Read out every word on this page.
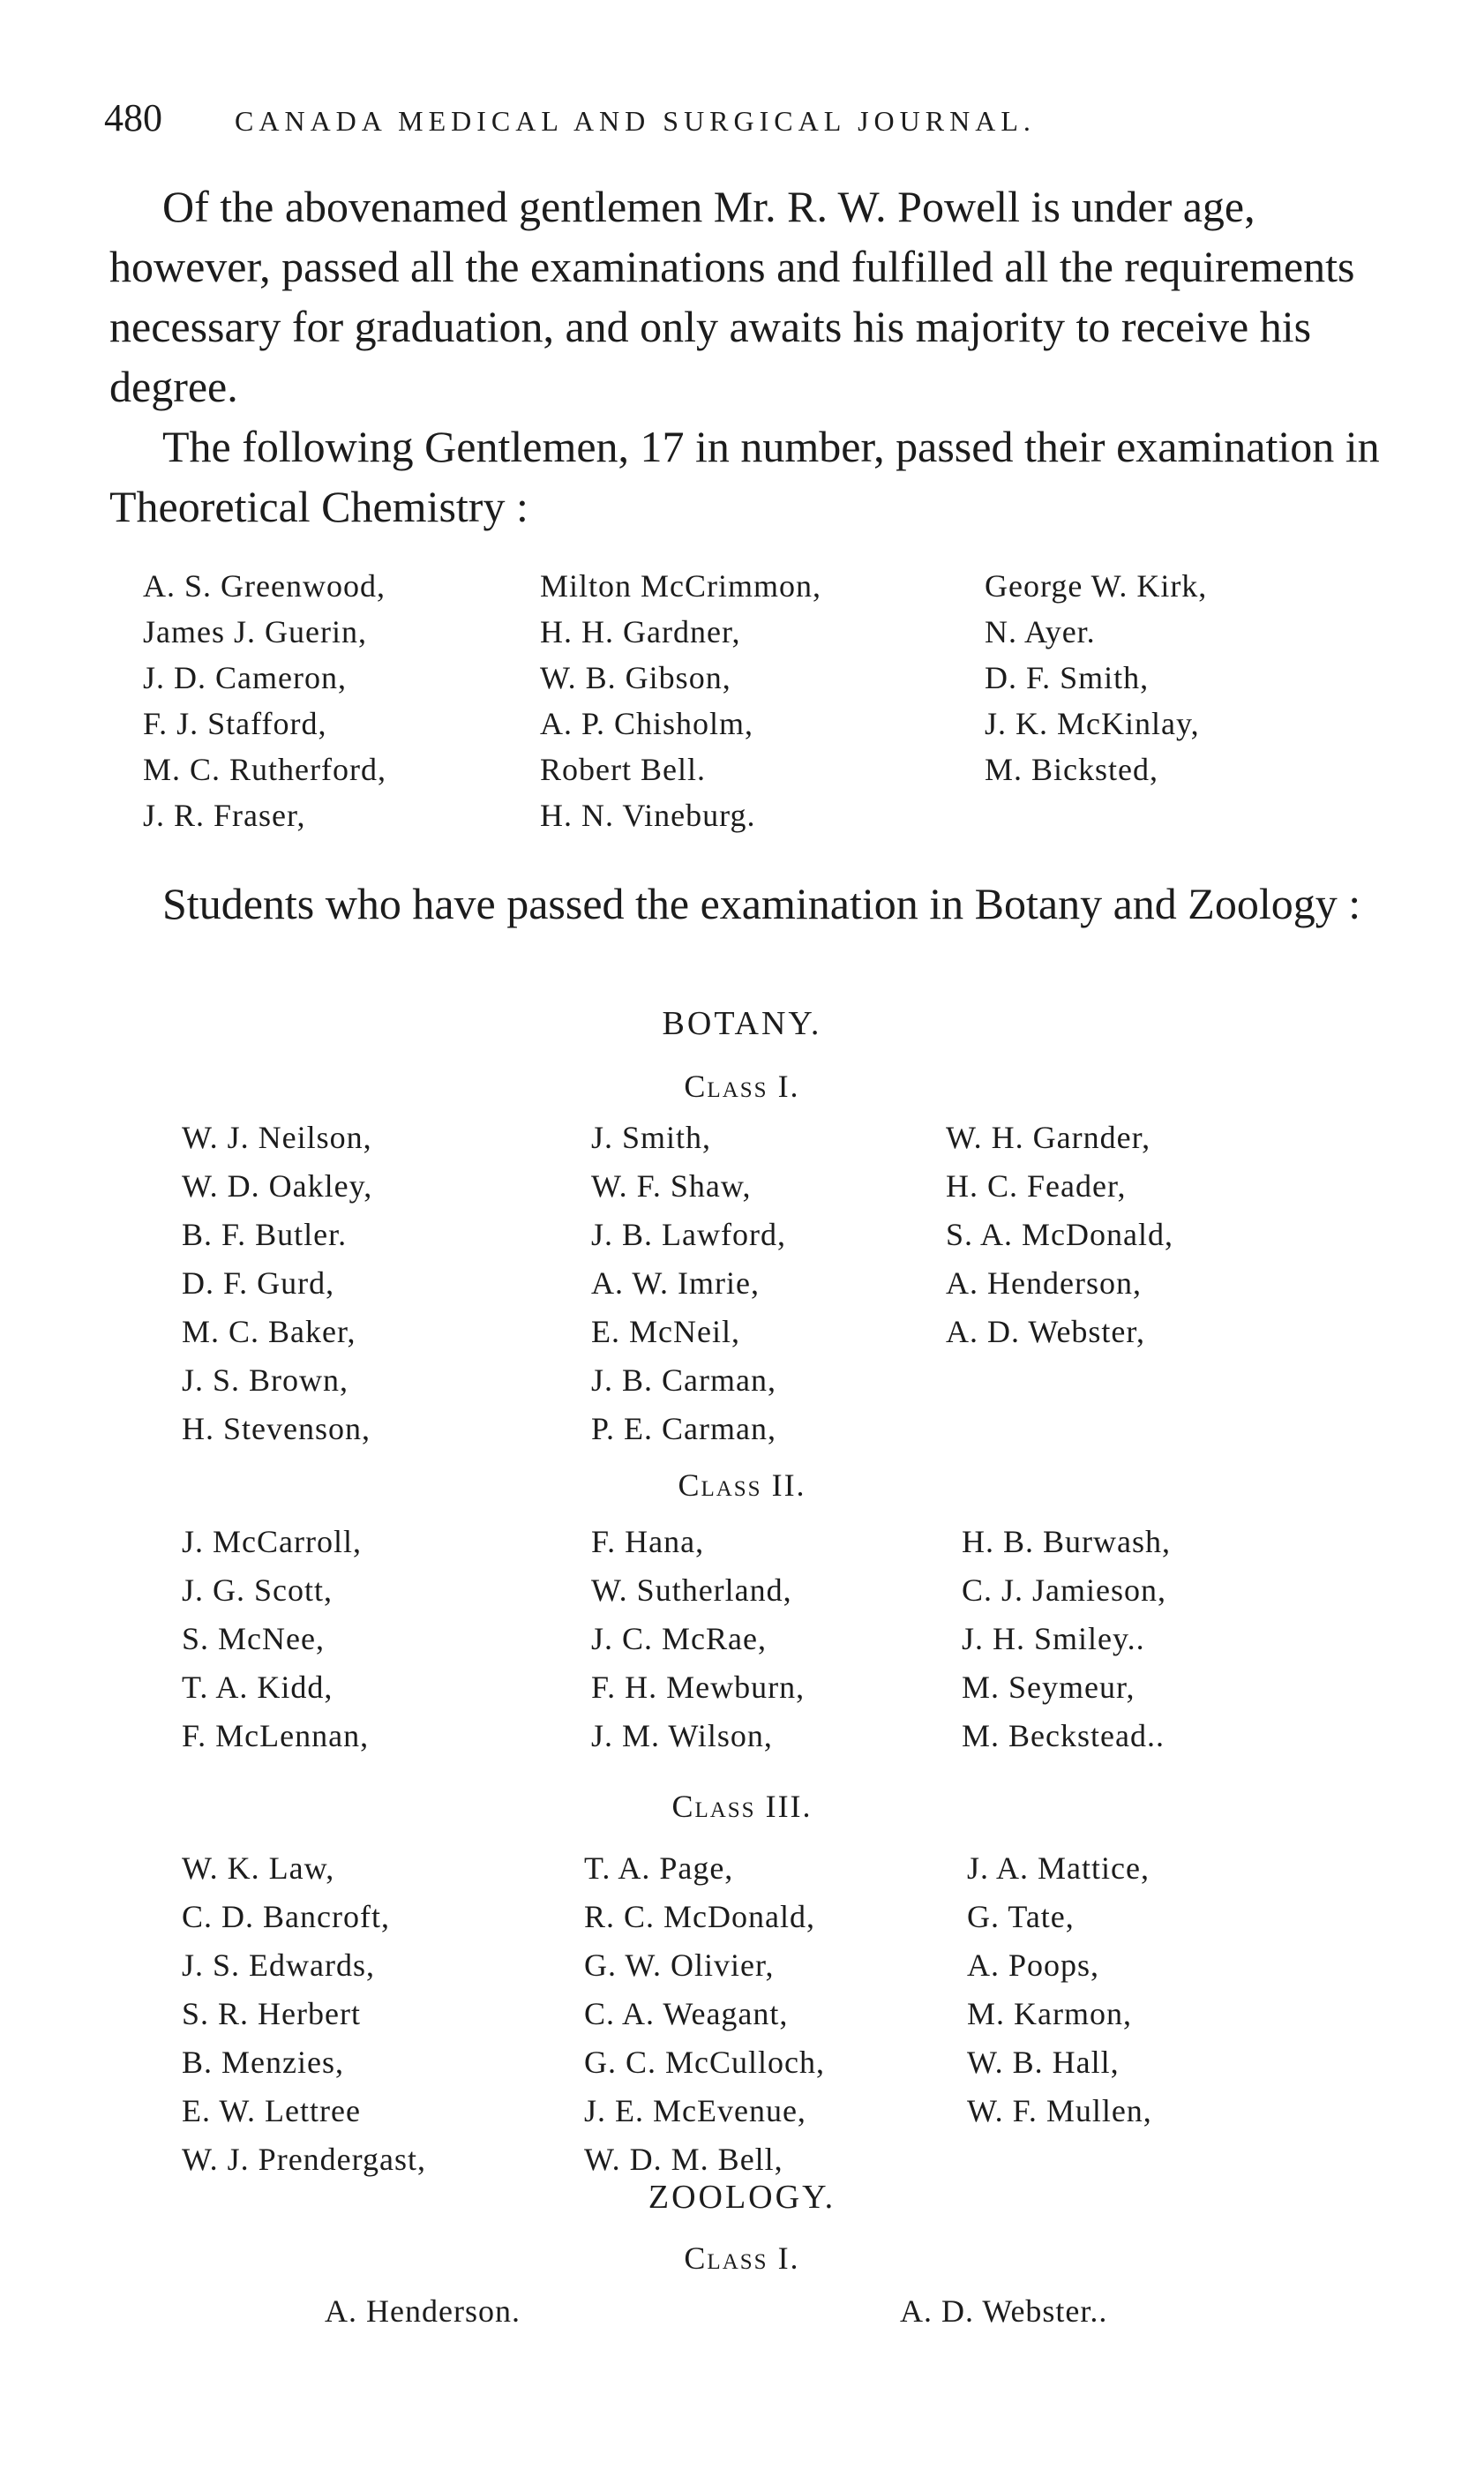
480	CANADA MEDICAL AND SURGICAL JOURNAL.

Of the abovenamed gentlemen Mr. R. W. Powell is under age, however, passed all the examinations and fulfilled all the requirements necessary for graduation, and only awaits his majority to receive his degree.

The following Gentlemen, 17 in number, passed their examination in Theoretical Chemistry :

A. S. Greenwood,
James J. Guerin,
J. D. Cameron,
F. J. Stafford,
M. C. Rutherford,
J. R. Fraser,
Milton McCrimmon,
H. H. Gardner,
W. B. Gibson,
A. P. Chisholm,
Robert Bell.
H. N. Vineburg.
George W. Kirk,
N. Ayer.
D. F. Smith,
J. K. McKinlay,
M. Bicksted,

Students who have passed the examination in Botany and Zoology :

BOTANY.
Class I.
W. J. Neilson,
W. D. Oakley,
B. F. Butler.
D. F. Gurd,
M. C. Baker,
J. S. Brown,
H. Stevenson,
J. Smith,
W. F. Shaw,
J. B. Lawford,
A. W. Imrie,
E. McNeil,
J. B. Carman,
P. E. Carman,
W. H. Garnder,
H. C. Feader,
S. A. McDonald,
A. Henderson,
A. D. Webster,
Class II.
J. McCarroll,
J. G. Scott,
S. McNee,
T. A. Kidd,
F. McLennan,
F. Hana,
W. Sutherland,
J. C. McRae,
F. H. Mewburn,
J. M. Wilson,
H. B. Burwash,
C. J. Jamieson,
J. H. Smiley..
M. Seymeur,
M. Beckstead..
Class III.
W. K. Law,
C. D. Bancroft,
J. S. Edwards,
S. R. Herbert
B. Menzies,
E. W. Lettree
W. J. Prendergast,
T. A. Page,
R. C. McDonald,
G. W. Olivier,
C. A. Weagant,
G. C. McCulloch,
J. E. McEvenue,
W. D. M. Bell,
J. A. Mattice,
G. Tate,
A. Poops,
M. Karmon,
W. B. Hall,
W. F. Mullen,
ZOOLOGY.
Class I.
A. Henderson.	A. D. Webster..
